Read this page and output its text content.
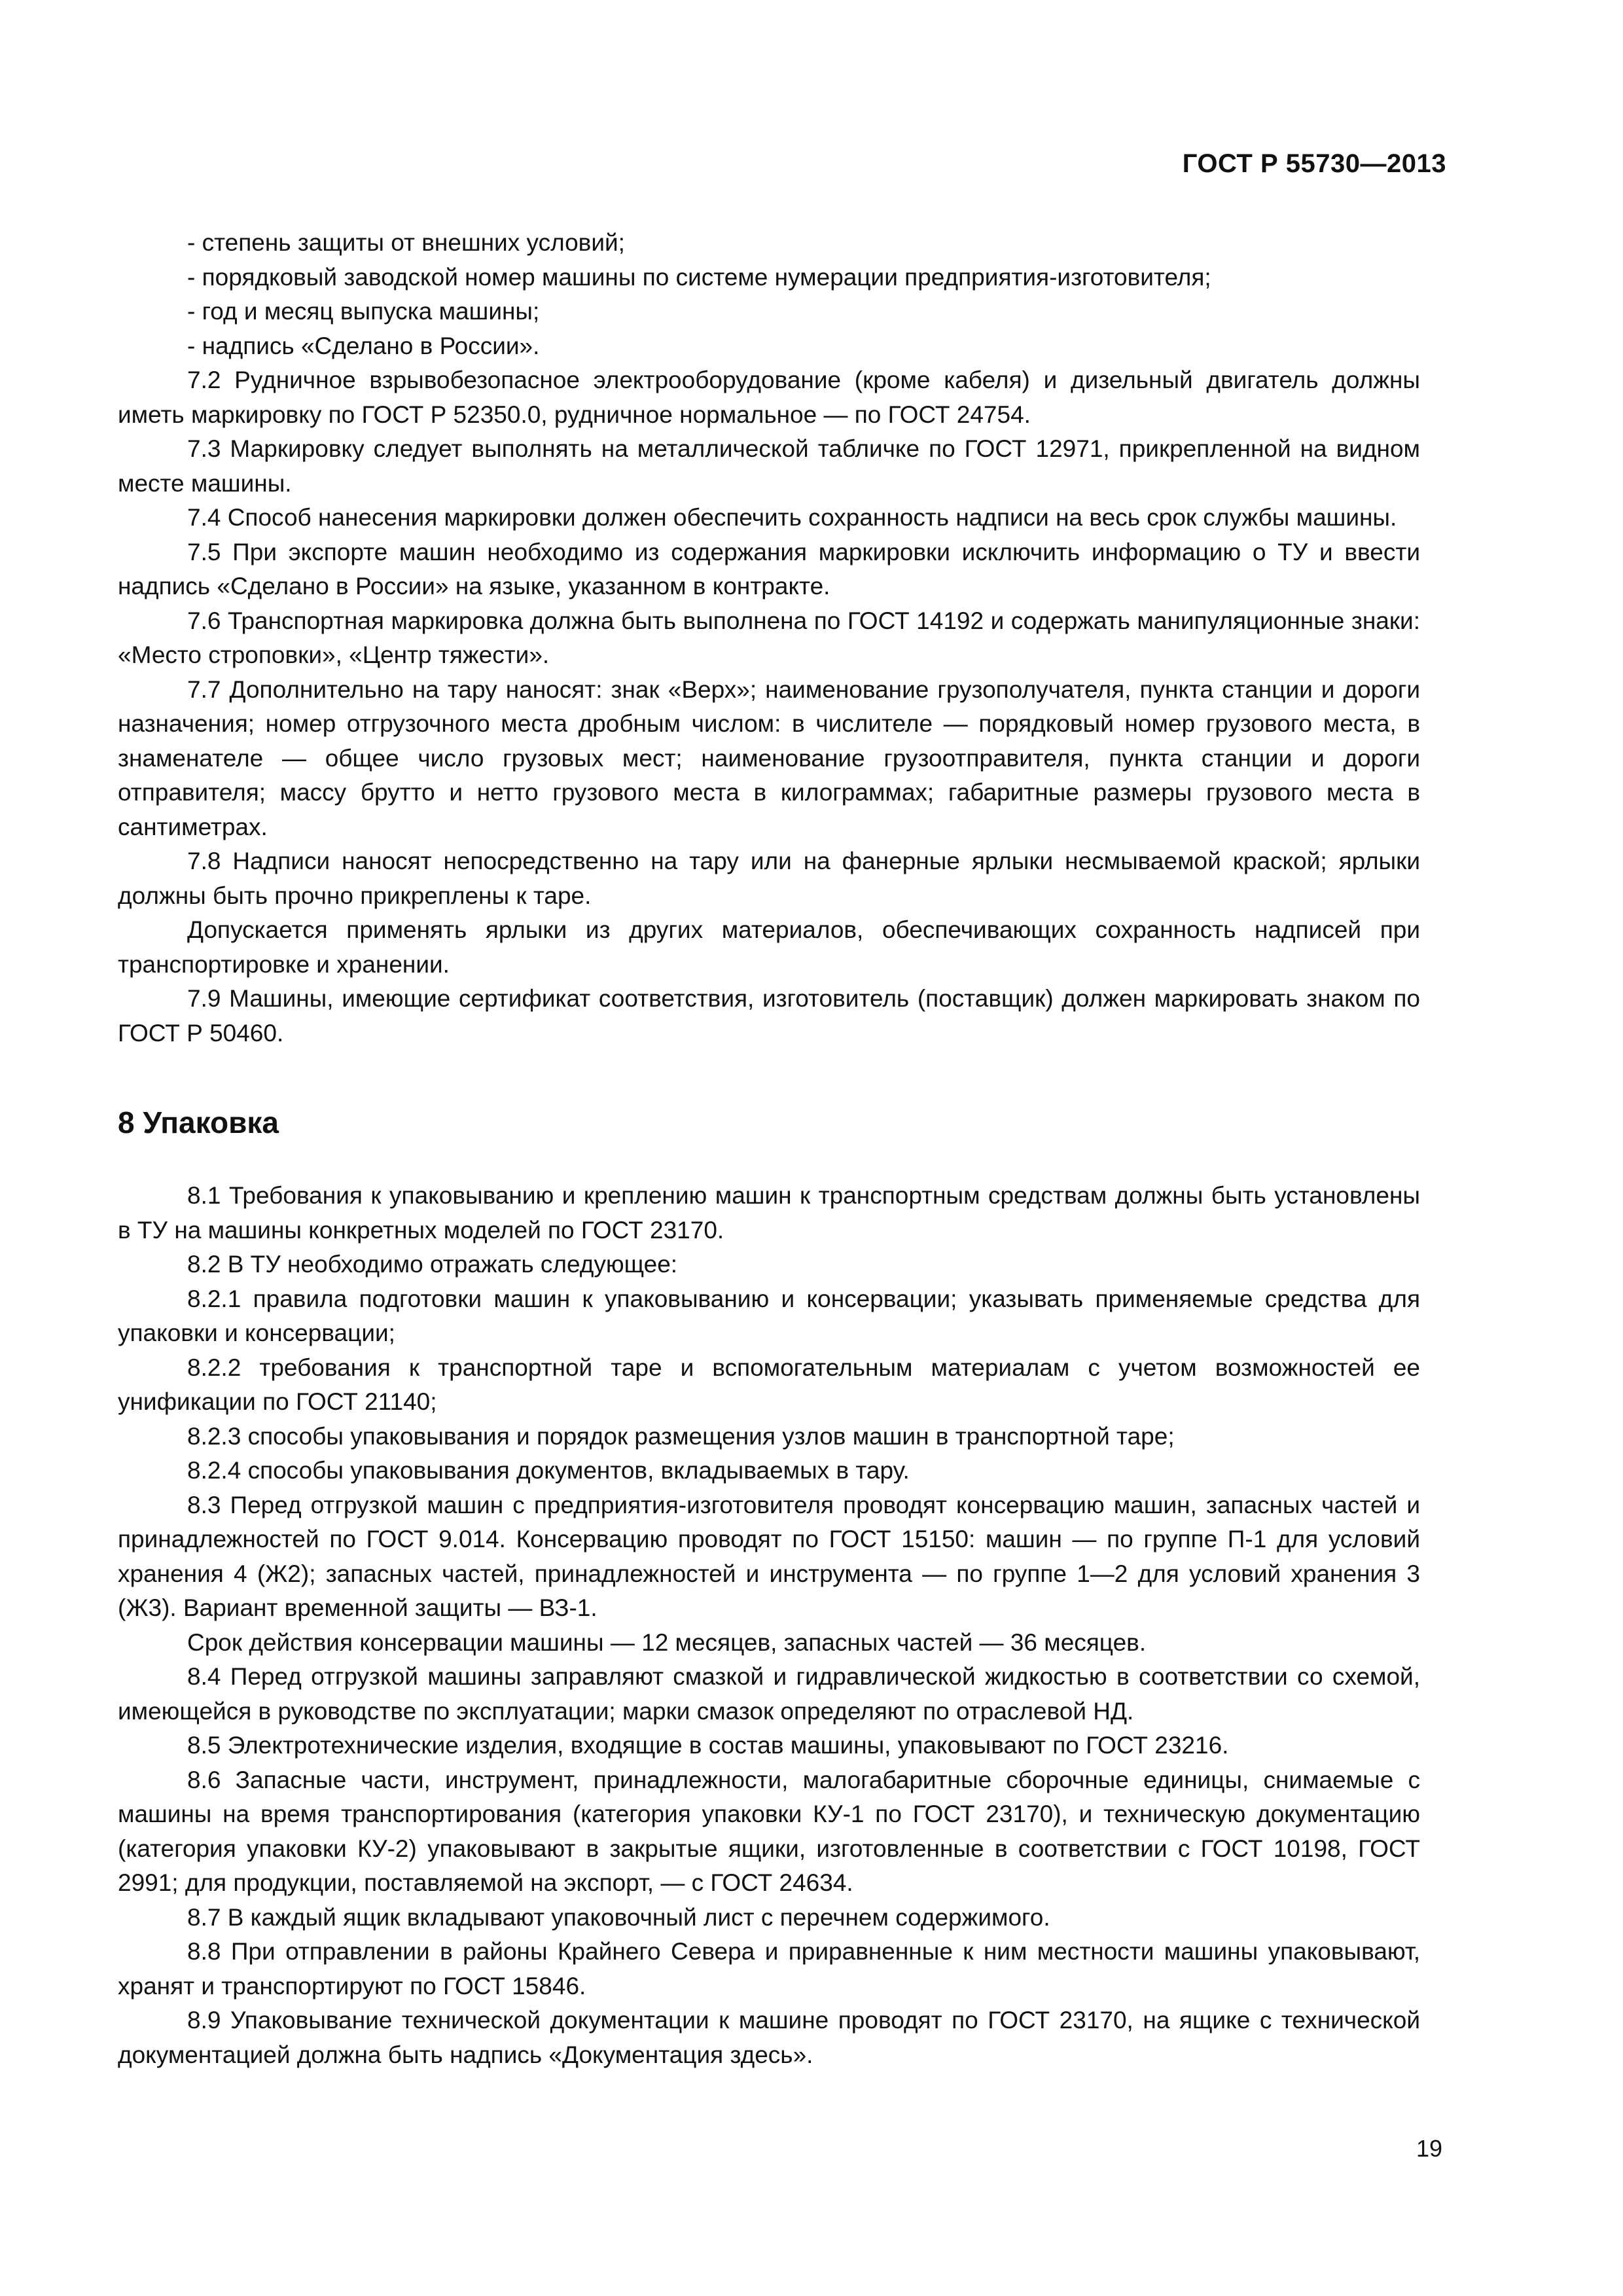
ГОСТ Р 55730—2013

- степень защиты от внешних условий;

- порядковый заводской номер машины по системе нумерации предприятия-изготовителя;

- год и месяц выпуска машины;

- надпись «Сделано в России».

7.2 Рудничное взрывобезопасное электрооборудование (кроме кабеля) и дизельный двигатель должны иметь маркировку по ГОСТ Р 52350.0, рудничное нормальное — по ГОСТ 24754.

7.3 Маркировку следует выполнять на металлической табличке по ГОСТ 12971, прикрепленной на видном месте машины.

7.4 Способ нанесения маркировки должен обеспечить сохранность надписи на весь срок службы машины.

7.5 При экспорте машин необходимо из содержания маркировки исключить информацию о ТУ и ввести надпись «Сделано в России» на языке, указанном в контракте.

7.6 Транспортная маркировка должна быть выполнена по ГОСТ 14192 и содержать манипуляционные знаки: «Место строповки», «Центр тяжести».

7.7 Дополнительно на тару наносят: знак «Верх»; наименование грузополучателя, пункта станции и дороги назначения; номер отгрузочного места дробным числом: в числителе — порядковый номер грузового места, в знаменателе — общее число грузовых мест; наименование грузоотправителя, пункта станции и дороги отправителя; массу брутто и нетто грузового места в килограммах; габаритные размеры грузового места в сантиметрах.

7.8 Надписи наносят непосредственно на тару или на фанерные ярлыки несмываемой краской; ярлыки должны быть прочно прикреплены к таре.

Допускается применять ярлыки из других материалов, обеспечивающих сохранность надписей при транспортировке и хранении.

7.9 Машины, имеющие сертификат соответствия, изготовитель (поставщик) должен маркировать знаком по ГОСТ Р 50460.

8 Упаковка

8.1 Требования к упаковыванию и креплению машин к транспортным средствам должны быть установлены в ТУ на машины конкретных моделей по ГОСТ 23170.

8.2 В ТУ необходимо отражать следующее:

8.2.1 правила подготовки машин к упаковыванию и консервации; указывать применяемые средства для упаковки и консервации;

8.2.2 требования к транспортной таре и вспомогательным материалам с учетом возможностей ее унификации по ГОСТ 21140;

8.2.3 способы упаковывания и порядок размещения узлов машин в транспортной таре;

8.2.4 способы упаковывания документов, вкладываемых в тару.

8.3 Перед отгрузкой машин с предприятия-изготовителя проводят консервацию машин, запасных частей и принадлежностей по ГОСТ 9.014. Консервацию проводят по ГОСТ 15150: машин — по группе П-1 для условий хранения 4 (Ж2); запасных частей, принадлежностей и инструмента — по группе 1—2 для условий хранения 3 (Ж3). Вариант временной защиты — ВЗ-1.

Срок действия консервации машины — 12 месяцев, запасных частей — 36 месяцев.

8.4 Перед отгрузкой машины заправляют смазкой и гидравлической жидкостью в соответствии со схемой, имеющейся в руководстве по эксплуатации; марки смазок определяют по отраслевой НД.

8.5 Электротехнические изделия, входящие в состав машины, упаковывают по ГОСТ 23216.

8.6 Запасные части, инструмент, принадлежности, малогабаритные сборочные единицы, снимаемые с машины на время транспортирования (категория упаковки КУ-1 по ГОСТ 23170), и техническую документацию (категория упаковки КУ-2) упаковывают в закрытые ящики, изготовленные в соответствии с ГОСТ 10198, ГОСТ 2991; для продукции, поставляемой на экспорт, — с ГОСТ 24634.

8.7 В каждый ящик вкладывают упаковочный лист с перечнем содержимого.

8.8 При отправлении в районы Крайнего Севера и приравненные к ним местности машины упаковывают, хранят и транспортируют по ГОСТ 15846.

8.9 Упаковывание технической документации к машине проводят по ГОСТ 23170, на ящике с технической документацией должна быть надпись «Документация здесь».

19
